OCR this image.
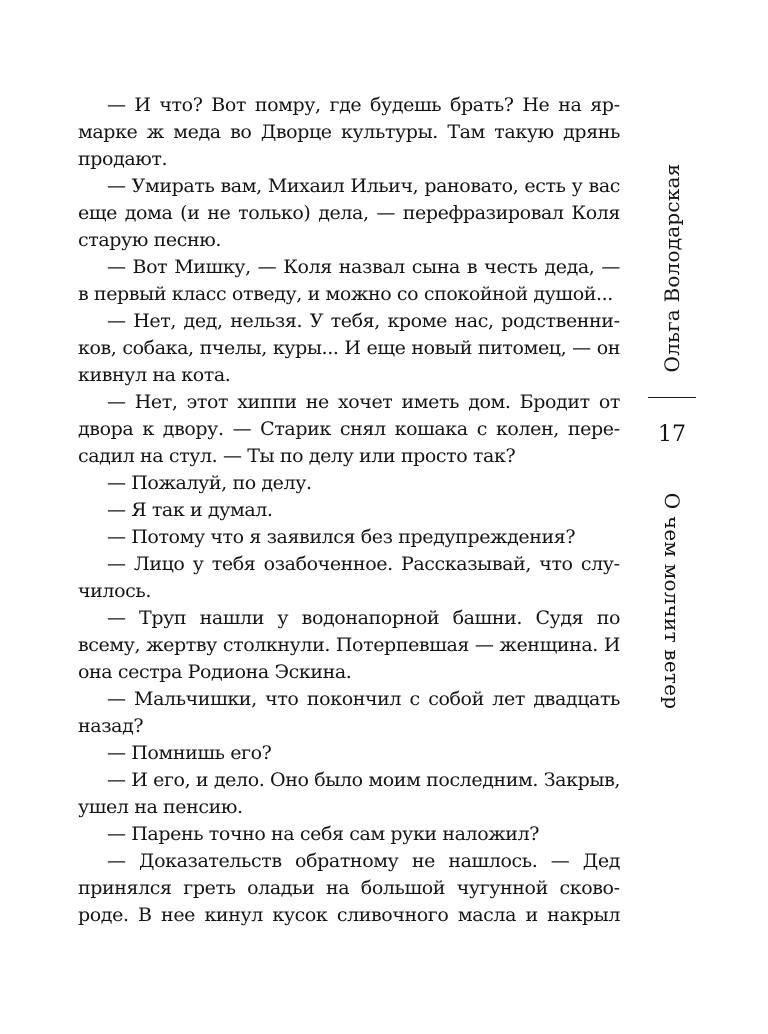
— И что? Вот помру, где будешь брать? Не на ярмарке ж меда во Дворце культуры. Там такую дрянь продают.

— Умирать вам, Михаил Ильич, рановато, есть у вас еще дома (и не только) дела, — перефразировал Коля старую песню.

— Вот Мишку, — Коля назвал сына в честь деда, — в первый класс отведу, и можно со спокойной душой...

— Нет, дед, нельзя. У тебя, кроме нас, родственников, собака, пчелы, куры... И еще новый питомец, — он кивнул на кота.

— Нет, этот хиппи не хочет иметь дом. Бродит от двора к двору. — Старик снял кошака с колен, пересадил на стул. — Ты по делу или просто так?

— Пожалуй, по делу.

— Я так и думал.

— Потому что я заявился без предупреждения?

— Лицо у тебя озабоченное. Рассказывай, что случилось.

— Труп нашли у водонапорной башни. Судя по всему, жертву столкнули. Потерпевшая — женщина. И она сестра Родиона Эскина.

— Мальчишки, что покончил с собой лет двадцать назад?

— Помнишь его?

— И его, и дело. Оно было моим последним. Закрыв, ушел на пенсию.

— Парень точно на себя сам руки наложил?

— Доказательств обратному не нашлось. — Дед принялся греть оладьи на большой чугунной сковороде. В нее кинул кусок сливочного масла и накрыл

Ольга Володарская
17
О чем молчит ветер
